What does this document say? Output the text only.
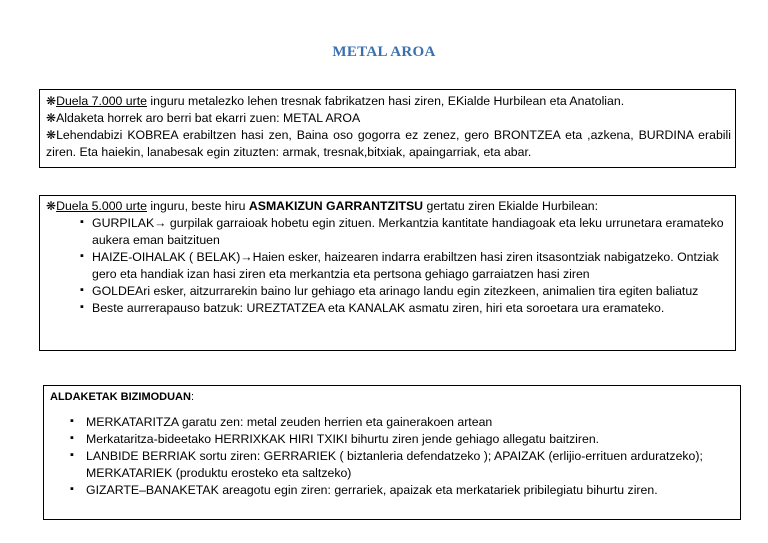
METAL AROA
❋Duela 7.000 urte inguru metalezko lehen tresnak fabrikatzen hasi ziren, EKialde Hurbilean eta Anatolian.
❋Aldaketa horrek aro berri bat ekarri zuen: METAL AROA
❋Lehendabizi KOBREA erabiltzen hasi zen, Baina oso gogorra ez zenez, gero BRONTZEA eta ,azkena, BURDINA erabili ziren. Eta haiekin, lanabesak egin zituzten: armak, tresnak,bitxiak, apaingarriak, eta abar.
❋Duela 5.000 urte inguru, beste hiru ASMAKIZUN GARRANTZITSU gertatu ziren Ekialde Hurbilean:
▪ GURPILAK→ gurpilak garraioak hobetu egin zituen. Merkantzia kantitate handiagoak eta leku urrunetara eramateko aukera eman baitzituen
▪ HAIZE-OIHALAK ( BELAK)→Haien esker, haizearen indarra erabiltzen hasi ziren itsasontziak nabigatzeko. Ontziak gero eta handiak izan hasi ziren eta merkantzia eta pertsona gehiago garraiatzen hasi ziren
▪ GOLDEAri esker, aitzurrarekin baino lur gehiago eta arinago landu egin zitezkeen, animalien tira egiten baliatuz
▪ Beste aurrerapauso batzuk: UREZTATZEA eta KANALAK asmatu ziren, hiri eta soroetara ura eramateko.
ALDAKETAK BIZIMODUAN:
▪ MERKATARITZA garatu zen: metal zeuden herrien eta gainerakoen artean
▪ Merkataritza-bideetako HERRIXKAK HIRI TXIKI bihurtu ziren jende gehiago allegatu baitziren.
▪ LANBIDE BERRIAK sortu ziren: GERRARIEK ( biztanleria defendatzeko ); APAIZAK (erlijio-errituen arduratzeko); MERKATARIEK (produktu erosteko eta saltzeko)
▪ GIZARTE–BANAKETAK areagotu egin ziren: gerrariek, apaizak eta merkatariek pribilegiatu bihurtu ziren.
